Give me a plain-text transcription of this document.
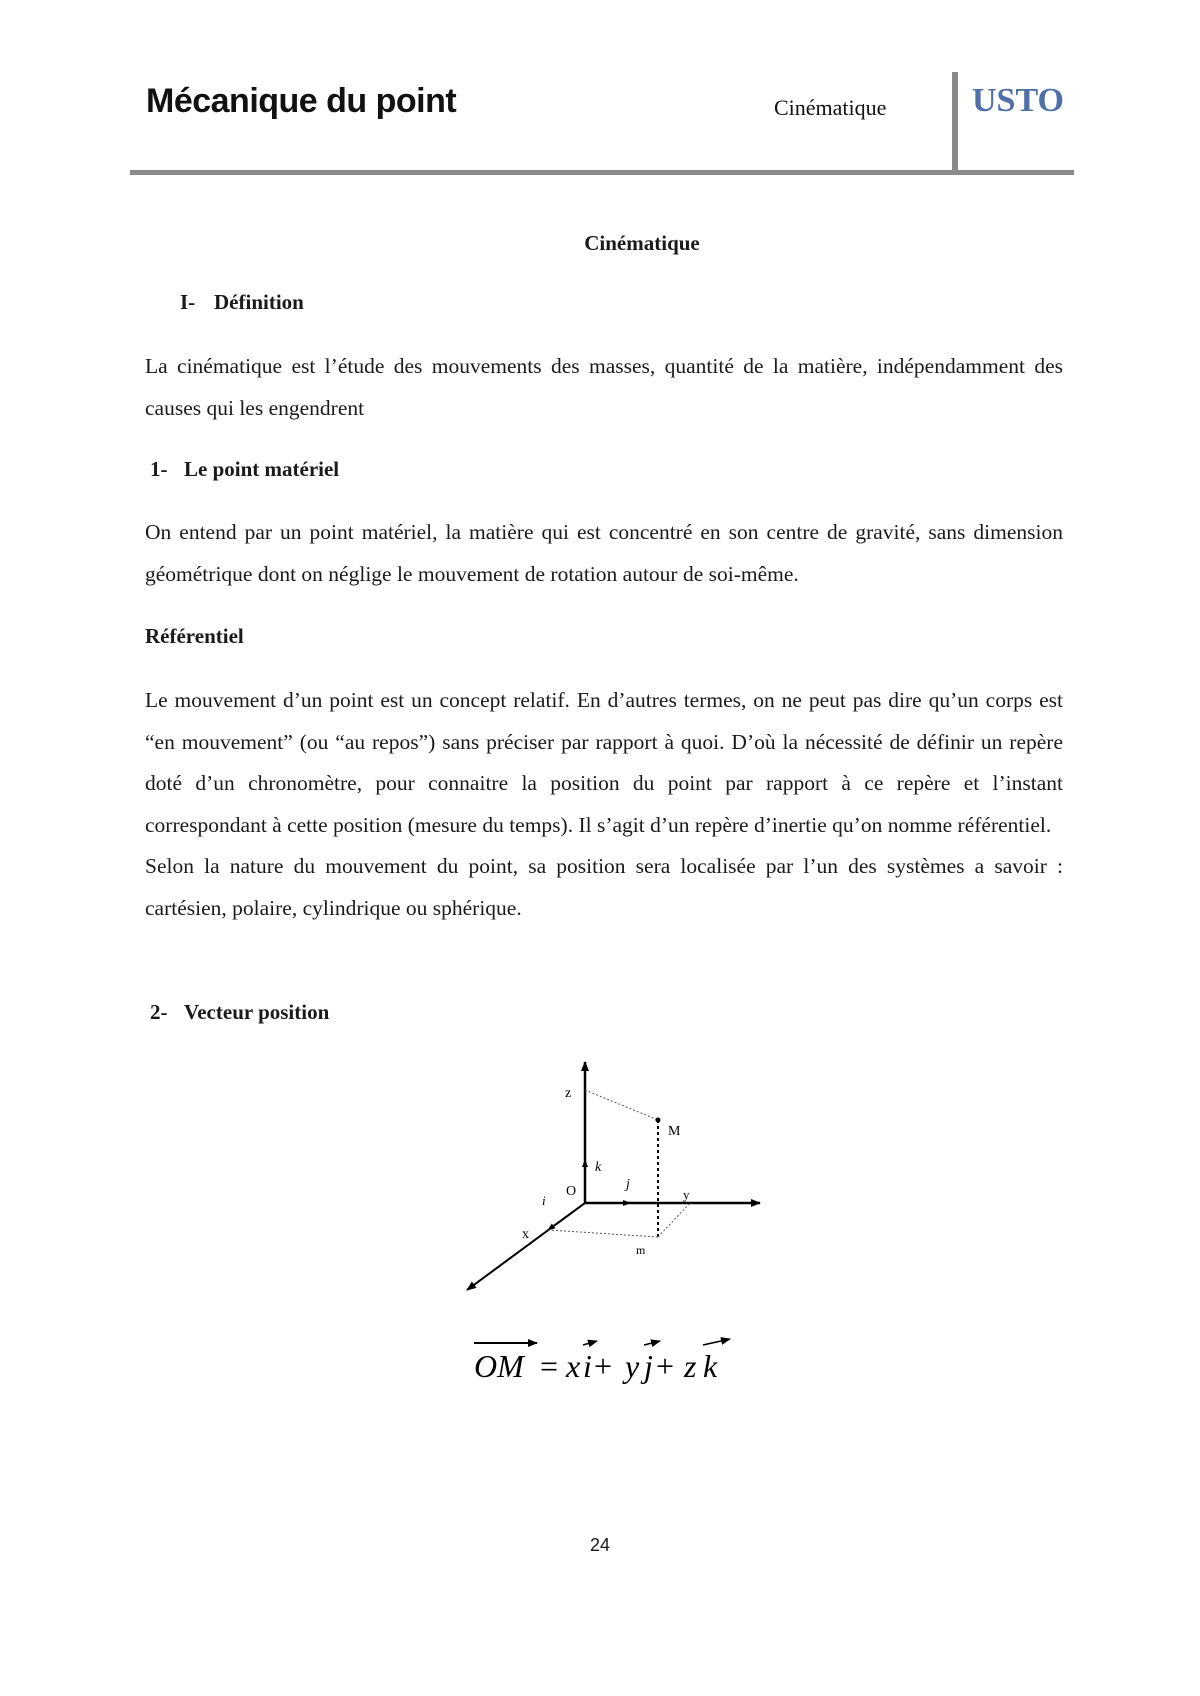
Mécanique du point	Cinématique	USTO
Cinématique
I- Définition

La cinématique est l’étude des mouvements des masses, quantité de la matière, indépendamment des causes qui les engendrent

1- Le point matériel

On entend par un point matériel, la matière qui est concentré en son centre de gravité, sans dimension géométrique dont on néglige le mouvement de rotation autour de soi-même.

Référentiel

Le mouvement d’un point est un concept relatif. En d’autres termes, on ne peut pas dire qu’un corps est “en mouvement” (ou “au repos”) sans préciser par rapport à quoi. D’où la nécessité de définir un repère doté d’un chronomètre, pour connaitre la position du point par rapport à ce repère et l’instant correspondant à cette position (mesure du temps). Il s’agit d’un repère d’inertie qu’on nomme référentiel.

Selon la nature du mouvement du point, sa position sera localisée par l’un des systèmes a savoir : cartésien, polaire, cylindrique ou sphérique.

2- Vecteur position
z
M
O
k
j
i	y
x
m
OM = x i + y j + z k
24
